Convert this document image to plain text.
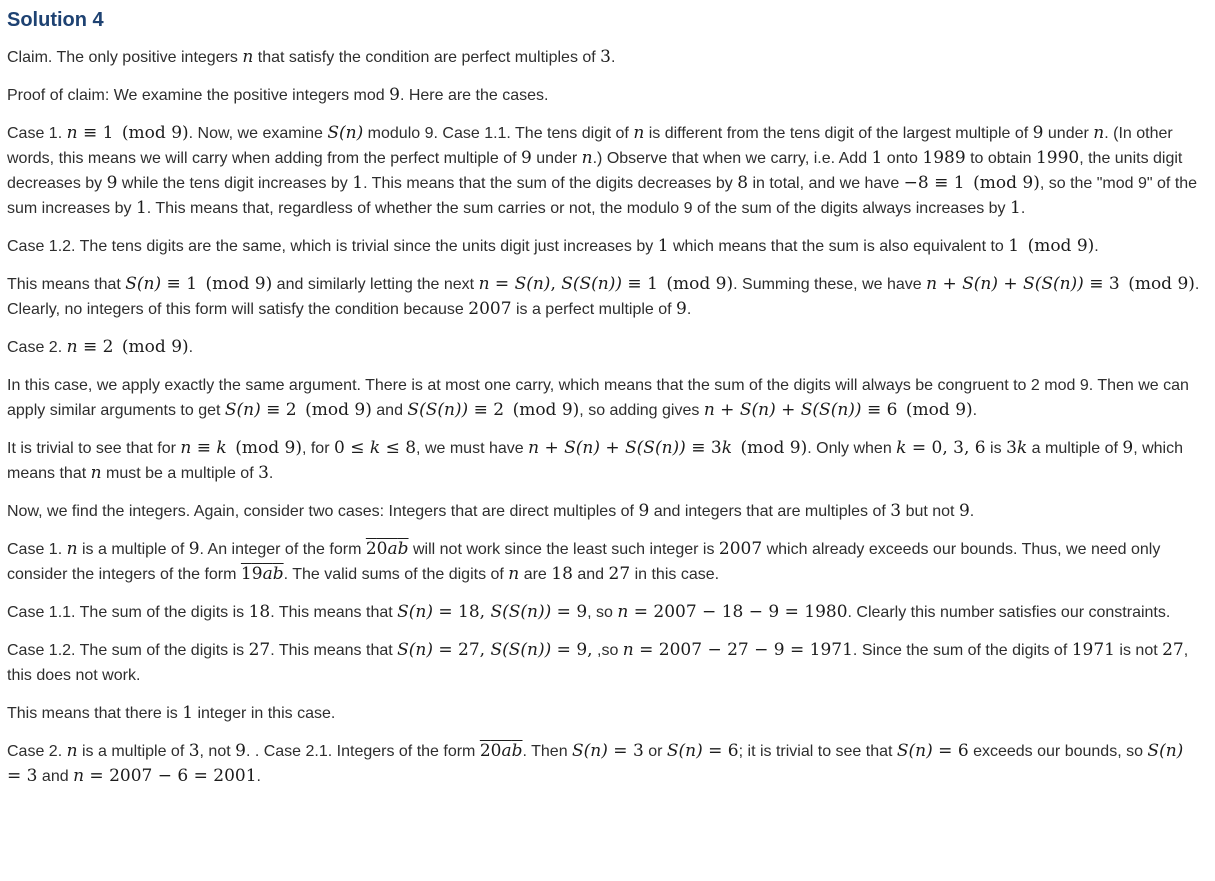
Solution 4

Claim. The only positive integers n that satisfy the condition are perfect multiples of 3.

Proof of claim: We examine the positive integers mod 9. Here are the cases.

Case 1. n ≡ 1 (mod 9). Now, we examine S(n) modulo 9. Case 1.1. The tens digit of n is different from the tens digit of the largest multiple of 9 under n. (In other words, this means we will carry when adding from the perfect multiple of 9 under n.) Observe that when we carry, i.e. Add 1 onto 1989 to obtain 1990, the units digit decreases by 9 while the tens digit increases by 1. This means that the sum of the digits decreases by 8 in total, and we have −8 ≡ 1 (mod 9), so the "mod 9" of the sum increases by 1. This means that, regardless of whether the sum carries or not, the modulo 9 of the sum of the digits always increases by 1.

Case 1.2. The tens digits are the same, which is trivial since the units digit just increases by 1 which means that the sum is also equivalent to 1 (mod 9).

This means that S(n) ≡ 1 (mod 9) and similarly letting the next n = S(n), S(S(n)) ≡ 1 (mod 9). Summing these, we have n + S(n) + S(S(n)) ≡ 3 (mod 9). Clearly, no integers of this form will satisfy the condition because 2007 is a perfect multiple of 9.

Case 2. n ≡ 2 (mod 9).

In this case, we apply exactly the same argument. There is at most one carry, which means that the sum of the digits will always be congruent to 2 mod 9. Then we can apply similar arguments to get S(n) ≡ 2 (mod 9) and S(S(n)) ≡ 2 (mod 9), so adding gives n + S(n) + S(S(n)) ≡ 6 (mod 9).

It is trivial to see that for n ≡ k (mod 9), for 0 ≤ k ≤ 8, we must have n + S(n) + S(S(n)) ≡ 3k (mod 9). Only when k = 0, 3, 6 is 3k a multiple of 9, which means that n must be a multiple of 3.

Now, we find the integers. Again, consider two cases: Integers that are direct multiples of 9 and integers that are multiples of 3 but not 9.

Case 1. n is a multiple of 9. An integer of the form 20ab will not work since the least such integer is 2007 which already exceeds our bounds. Thus, we need only consider the integers of the form 19ab. The valid sums of the digits of n are 18 and 27 in this case.

Case 1.1. The sum of the digits is 18. This means that S(n) = 18, S(S(n)) = 9, so n = 2007 − 18 − 9 = 1980. Clearly this number satisfies our constraints.

Case 1.2. The sum of the digits is 27. This means that S(n) = 27, S(S(n)) = 9, ,so n = 2007 − 27 − 9 = 1971. Since the sum of the digits of 1971 is not 27, this does not work.

This means that there is 1 integer in this case.

Case 2. n is a multiple of 3, not 9. . Case 2.1. Integers of the form 20ab. Then S(n) = 3 or S(n) = 6; it is trivial to see that S(n) = 6 exceeds our bounds, so S(n) = 3 and n = 2007 − 6 = 2001.
